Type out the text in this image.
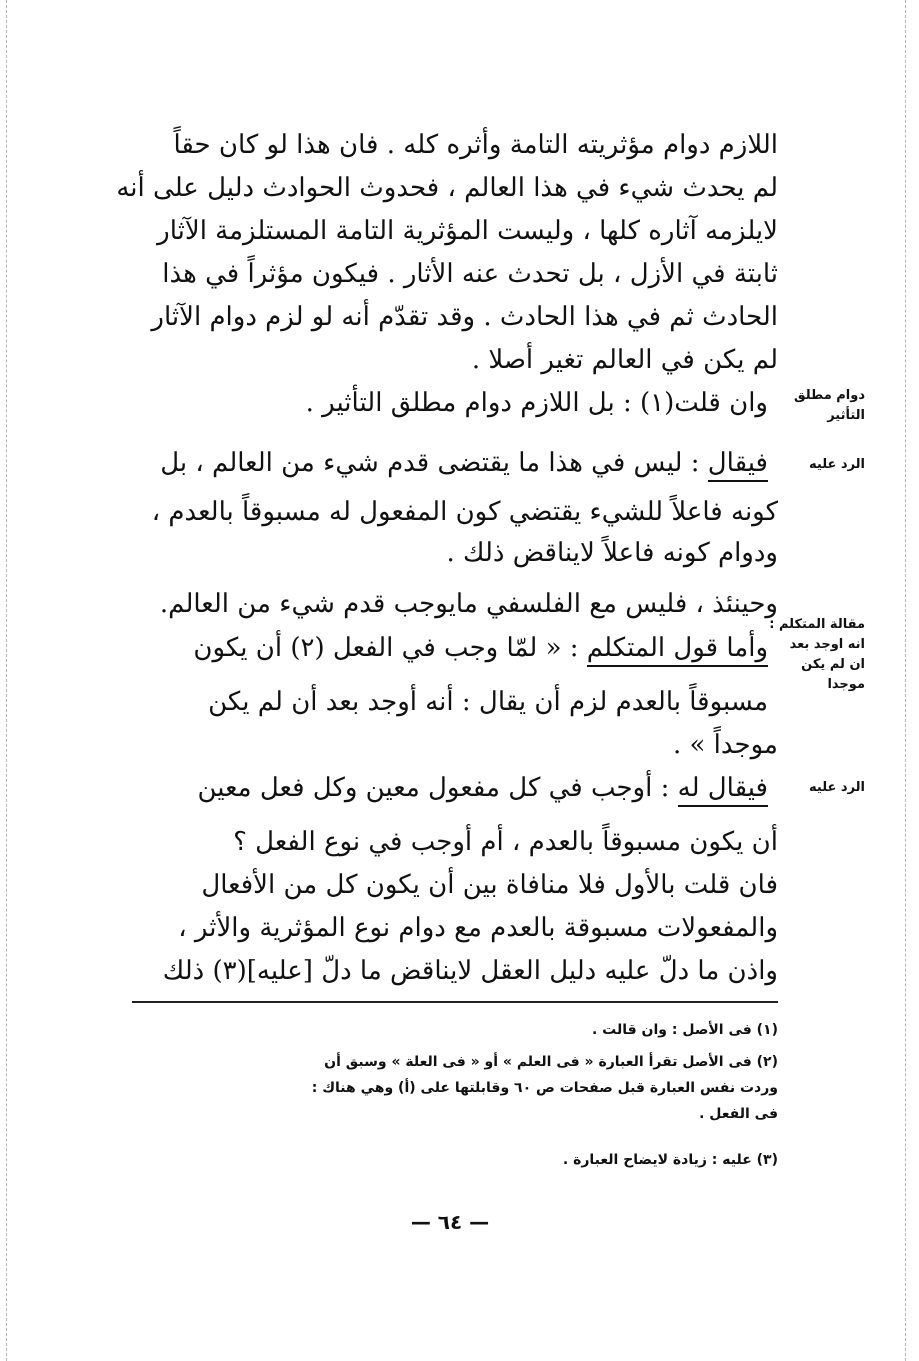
اللازم دوام مؤثريته التامة وأثره كله . فان هذا لو كان حقاً
لم يحدث شيء في هذا العالم ، فحدوث الحوادث دليل على أنه
لايلزمه آثاره كلها ، وليست المؤثرية التامة المستلزمة الآثار
ثابتة في الأزل ، بل تحدث عنه الأثار . فيكون مؤثراً في هذا
الحادث ثم في هذا الحادث . وقد تقدّم أنه لو لزم دوام الآثار
لم يكن في العالم تغير أصلا .
دوام مطلق
التأثير
وان قلت(١) : بل اللازم دوام مطلق التأثير .
الرد عليه
فيقال : ليس في هذا ما يقتضى قدم شيء من العالم ، بل
كونه فاعلاً للشيء يقتضي كون المفعول له مسبوقاً بالعدم ،
ودوام كونه فاعلاً لايناقض ذلك .
وحينئذ ، فليس مع الفلسفي مايوجب قدم شيء من العالم.
مقالة المتكلم :
انه اوجد بعد
ان لم يكن
موجدا
وأما قول المتكلم : « لمّا وجب في الفعل (٢) أن يكون
مسبوقاً بالعدم لزم أن يقال : أنه أوجد بعد أن لم يكن
موجداً » .
الرد عليه
فيقال له : أوجب في كل مفعول معين وكل فعل معين
أن يكون مسبوقاً بالعدم ، أم أوجب في نوع الفعل ؟
فان قلت بالأول فلا منافاة بين أن يكون كل من الأفعال
والمفعولات مسبوقة بالعدم مع دوام نوع المؤثرية والأثر ،
واذن ما دلّ عليه دليل العقل لايناقض ما دلّ [عليه](٣) ذلك
(١) فى الأصل : وان قالت .
(٢) فى الأصل تقرأ العبارة « فى العلم » أو « فى العلة » وسبق أن
وردت نفس العبارة قبل صفحات ص ٦٠ وقابلتها على (أ) وهي هناك :
فى الفعل .
(٣) عليه : زيادة لايضاح العبارة .
— ٦٤ —
